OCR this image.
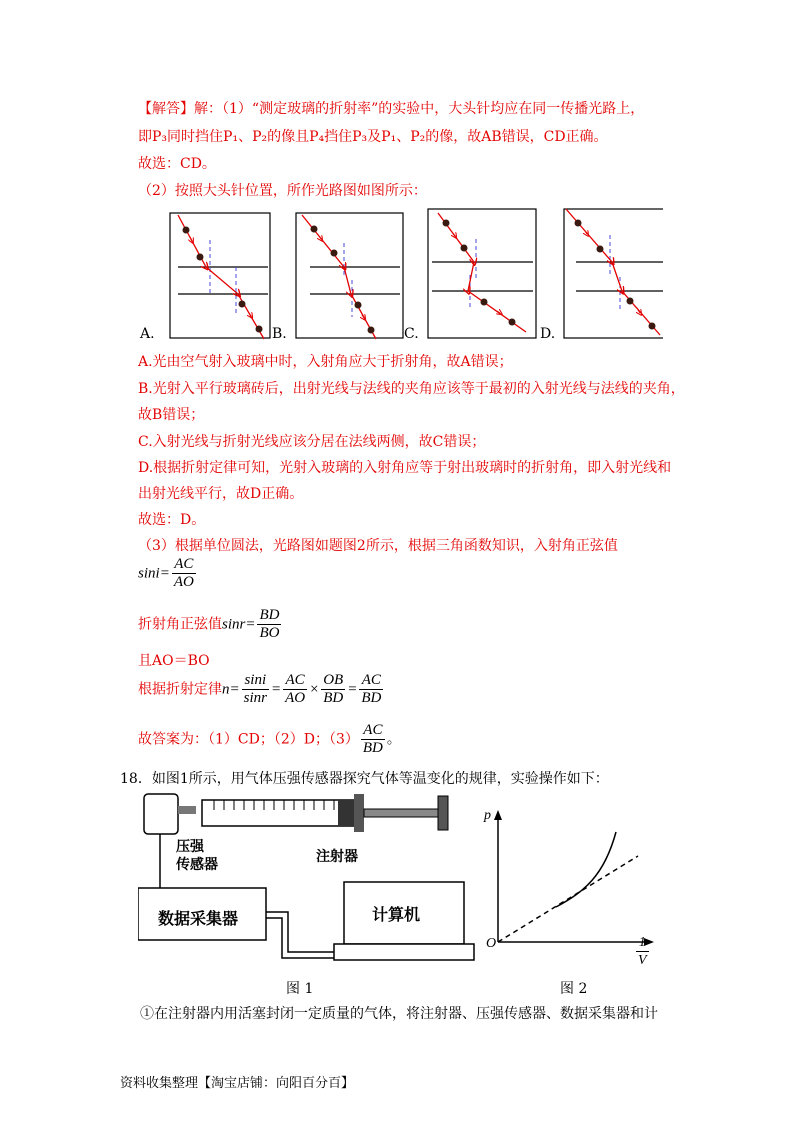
【解答】解：（1）“测定玻璃的折射率”的实验中，大头针均应在同一传播光路上，
即P₃同时挡住P₁、P₂的像且P₄挡住P₃及P₁、P₂的像，故AB错误，CD正确。
故选：CD。
（2）按照大头针位置，所作光路图如图所示：
A.	B.	C.	D.
A.光由空气射入玻璃中时，入射角应大于折射角，故A错误；
B.光射入平行玻璃砖后，出射光线与法线的夹角应该等于最初的入射光线与法线的夹角，
故B错误；
C.入射光线与折射光线应该分居在法线两侧，故C错误；
D.根据折射定律可知，光射入玻璃的入射角应等于射出玻璃时的折射角，即入射光线和
出射光线平行，故D正确。
故选：D。
（3）根据单位圆法，光路图如题图2所示，根据三角函数知识，入射角正弦值
$\sin i= \frac{AC}{AO}$
折射角正弦值$\sin r= \frac{BD}{BO}$
且AO＝BO
根据折射定律$n= \frac{\sin i}{\sin r} = \frac{AC}{AO} \times \frac{OB}{BD} = \frac{AC}{BD}$
故答案为：（1）CD；（2）D；$(3) \frac{AC}{BD}$ 。
18．如图1所示，用气体压强传感器探究气体等温变化的规律，实验操作如下：
压强
传感器	注射器
数据采集器	计算机
p
O	$\frac{1}{V}$
图 1	图 2
①在注射器内用活塞封闭一定质量的气体，将注射器、压强传感器、数据采集器和计
资料收集整理【淘宝店铺：向阳百分百】
